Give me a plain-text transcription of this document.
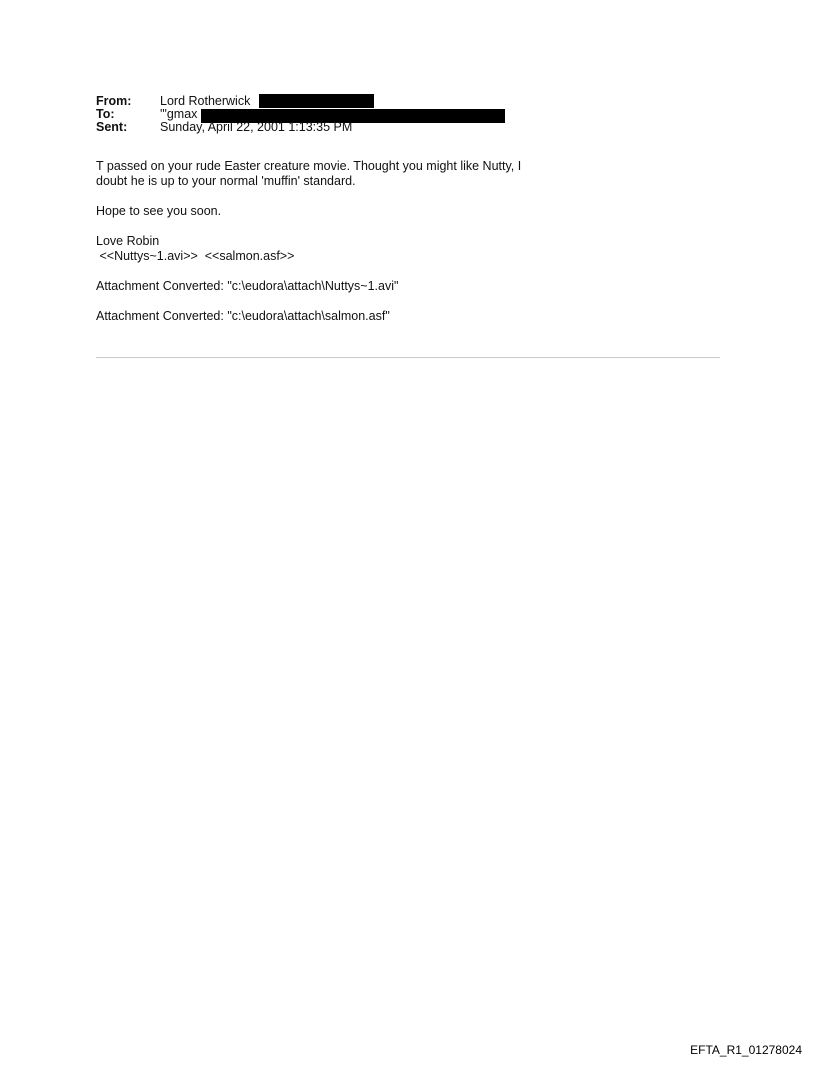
From: Lord Rotherwick
To:	'"gmax
Sent:	Sunday, April 22, 2001 1:13:35 PM

T passed on your rude Easter creature movie. Thought you might like Nutty, I

doubt he is up to your normal 'muffin' standard.

Hope to see you soon.

Love Robin

<<Nuttys~1.avi>>  <<salmon.asf>>

Attachment Converted: "c:\eudora\attach\Nuttys~1.avi"

Attachment Converted: "c:\eudora\attach\salmon.asf"

EFTA_R1_01278024
